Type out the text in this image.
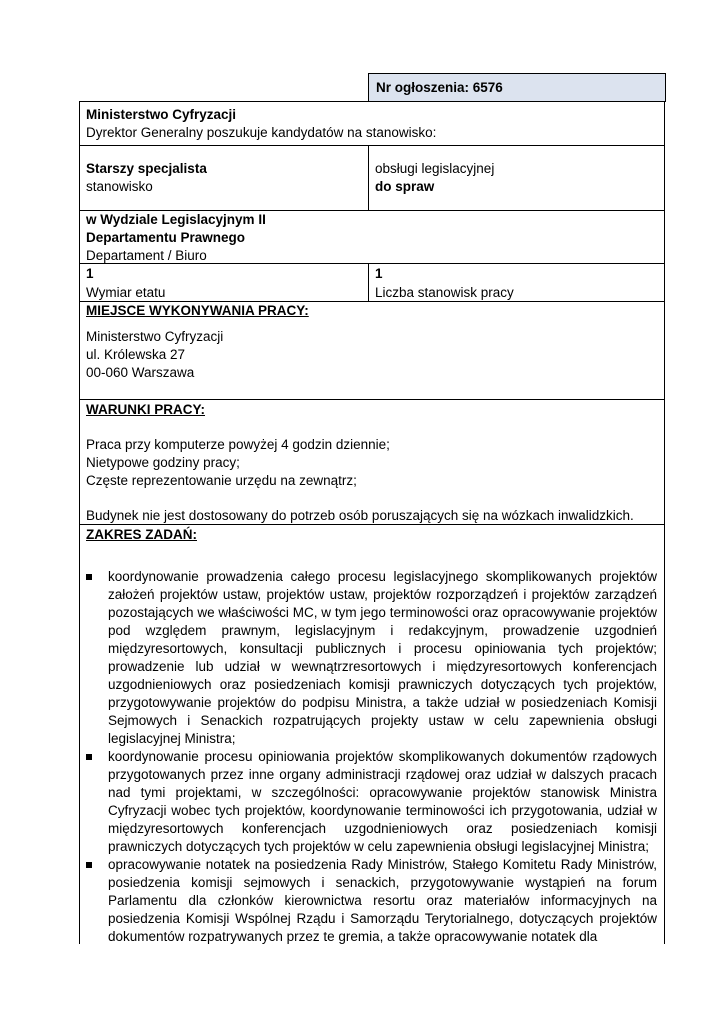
Nr ogłoszenia: 6576
Ministerstwo Cyfryzacji
Dyrektor Generalny poszukuje kandydatów na stanowisko:
Starszy specjalista
stanowisko
obsługi legislacyjnej
do spraw
w Wydziale Legislacyjnym II
Departamentu Prawnego
Departament / Biuro
1
Wymiar etatu
1
Liczba stanowisk pracy
MIEJSCE WYKONYWANIA PRACY:
Ministerstwo Cyfryzacji
ul. Królewska 27
00-060 Warszawa
WARUNKI PRACY:
Praca przy komputerze powyżej 4 godzin dziennie;
Nietypowe godziny pracy;
Częste reprezentowanie urzędu na zewnątrz;
Budynek nie jest dostosowany do potrzeb osób poruszających się na wózkach inwalidzkich.
ZAKRES ZADAŃ:
koordynowanie prowadzenia całego procesu legislacyjnego skomplikowanych projektów założeń projektów ustaw, projektów ustaw, projektów rozporządzeń i projektów zarządzeń pozostających we właściwości MC, w tym jego terminowości oraz opracowywanie projektów pod względem prawnym, legislacyjnym i redakcyjnym, prowadzenie uzgodnień międzyresortowych, konsultacji publicznych i procesu opiniowania tych projektów; prowadzenie lub udział w wewnątrzresortowych i międzyresortowych konferencjach uzgodnieniowych oraz posiedzeniach komisji prawniczych dotyczących tych projektów, przygotowywanie projektów do podpisu Ministra, a także udział w posiedzeniach Komisji Sejmowych i Senackich rozpatrujących projekty ustaw w celu zapewnienia obsługi legislacyjnej Ministra;
koordynowanie procesu opiniowania projektów skomplikowanych dokumentów rządowych przygotowanych przez inne organy administracji rządowej oraz udział w dalszych pracach nad tymi projektami, w szczególności: opracowywanie projektów stanowisk Ministra Cyfryzacji wobec tych projektów, koordynowanie terminowości ich przygotowania, udział w międzyresortowych konferencjach uzgodnieniowych oraz posiedzeniach komisji prawniczych dotyczących tych projektów w celu zapewnienia obsługi legislacyjnej Ministra;
opracowywanie notatek na posiedzenia Rady Ministrów, Stałego Komitetu Rady Ministrów, posiedzenia komisji sejmowych i senackich, przygotowywanie wystąpień na forum Parlamentu dla członków kierownictwa resortu oraz materiałów informacyjnych na posiedzenia Komisji Wspólnej Rządu i Samorządu Terytorialnego, dotyczących projektów dokumentów rozpatrywanych przez te gremia, a także opracowywanie notatek dla
